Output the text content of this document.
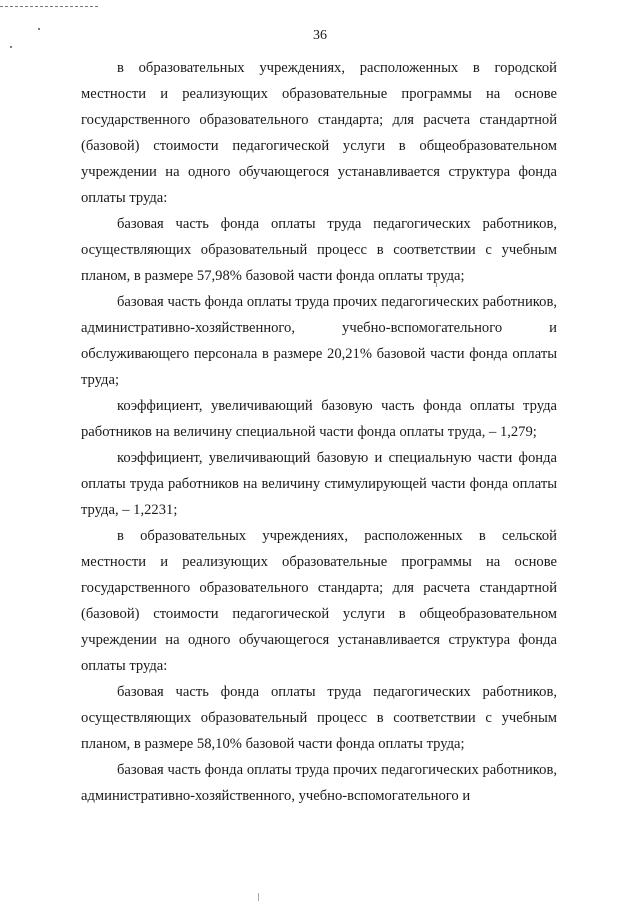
36

в образовательных учреждениях, расположенных в городской местности и реализующих образовательные программы на основе государственного образовательного стандарта; для расчета стандартной (базовой) стоимости педагогической услуги в общеобразовательном учреждении на одного обучающегося устанавливается структура фонда оплаты труда:

базовая часть фонда оплаты труда педагогических работников, осуществляющих образовательный процесс в соответствии с учебным планом, в размере 57,98% базовой части фонда оплаты труда;

базовая часть фонда оплаты труда прочих педагогических работников, административно-хозяйственного, учебно-вспомогательного и обслуживающего персонала в размере 20,21% базовой части фонда оплаты труда;

коэффициент, увеличивающий базовую часть фонда оплаты труда работников на величину специальной части фонда оплаты труда, – 1,279;

коэффициент, увеличивающий базовую и специальную части фонда оплаты труда работников на величину стимулирующей части фонда оплаты труда, – 1,2231;

в образовательных учреждениях, расположенных в сельской местности и реализующих образовательные программы на основе государственного образовательного стандарта; для расчета стандартной (базовой) стоимости педагогической услуги в общеобразовательном учреждении на одного обучающегося устанавливается структура фонда оплаты труда:

базовая часть фонда оплаты труда педагогических работников, осуществляющих образовательный процесс в соответствии с учебным планом, в размере 58,10% базовой части фонда оплаты труда;

базовая часть фонда оплаты труда прочих педагогических работников, административно-хозяйственного, учебно-вспомогательного и
